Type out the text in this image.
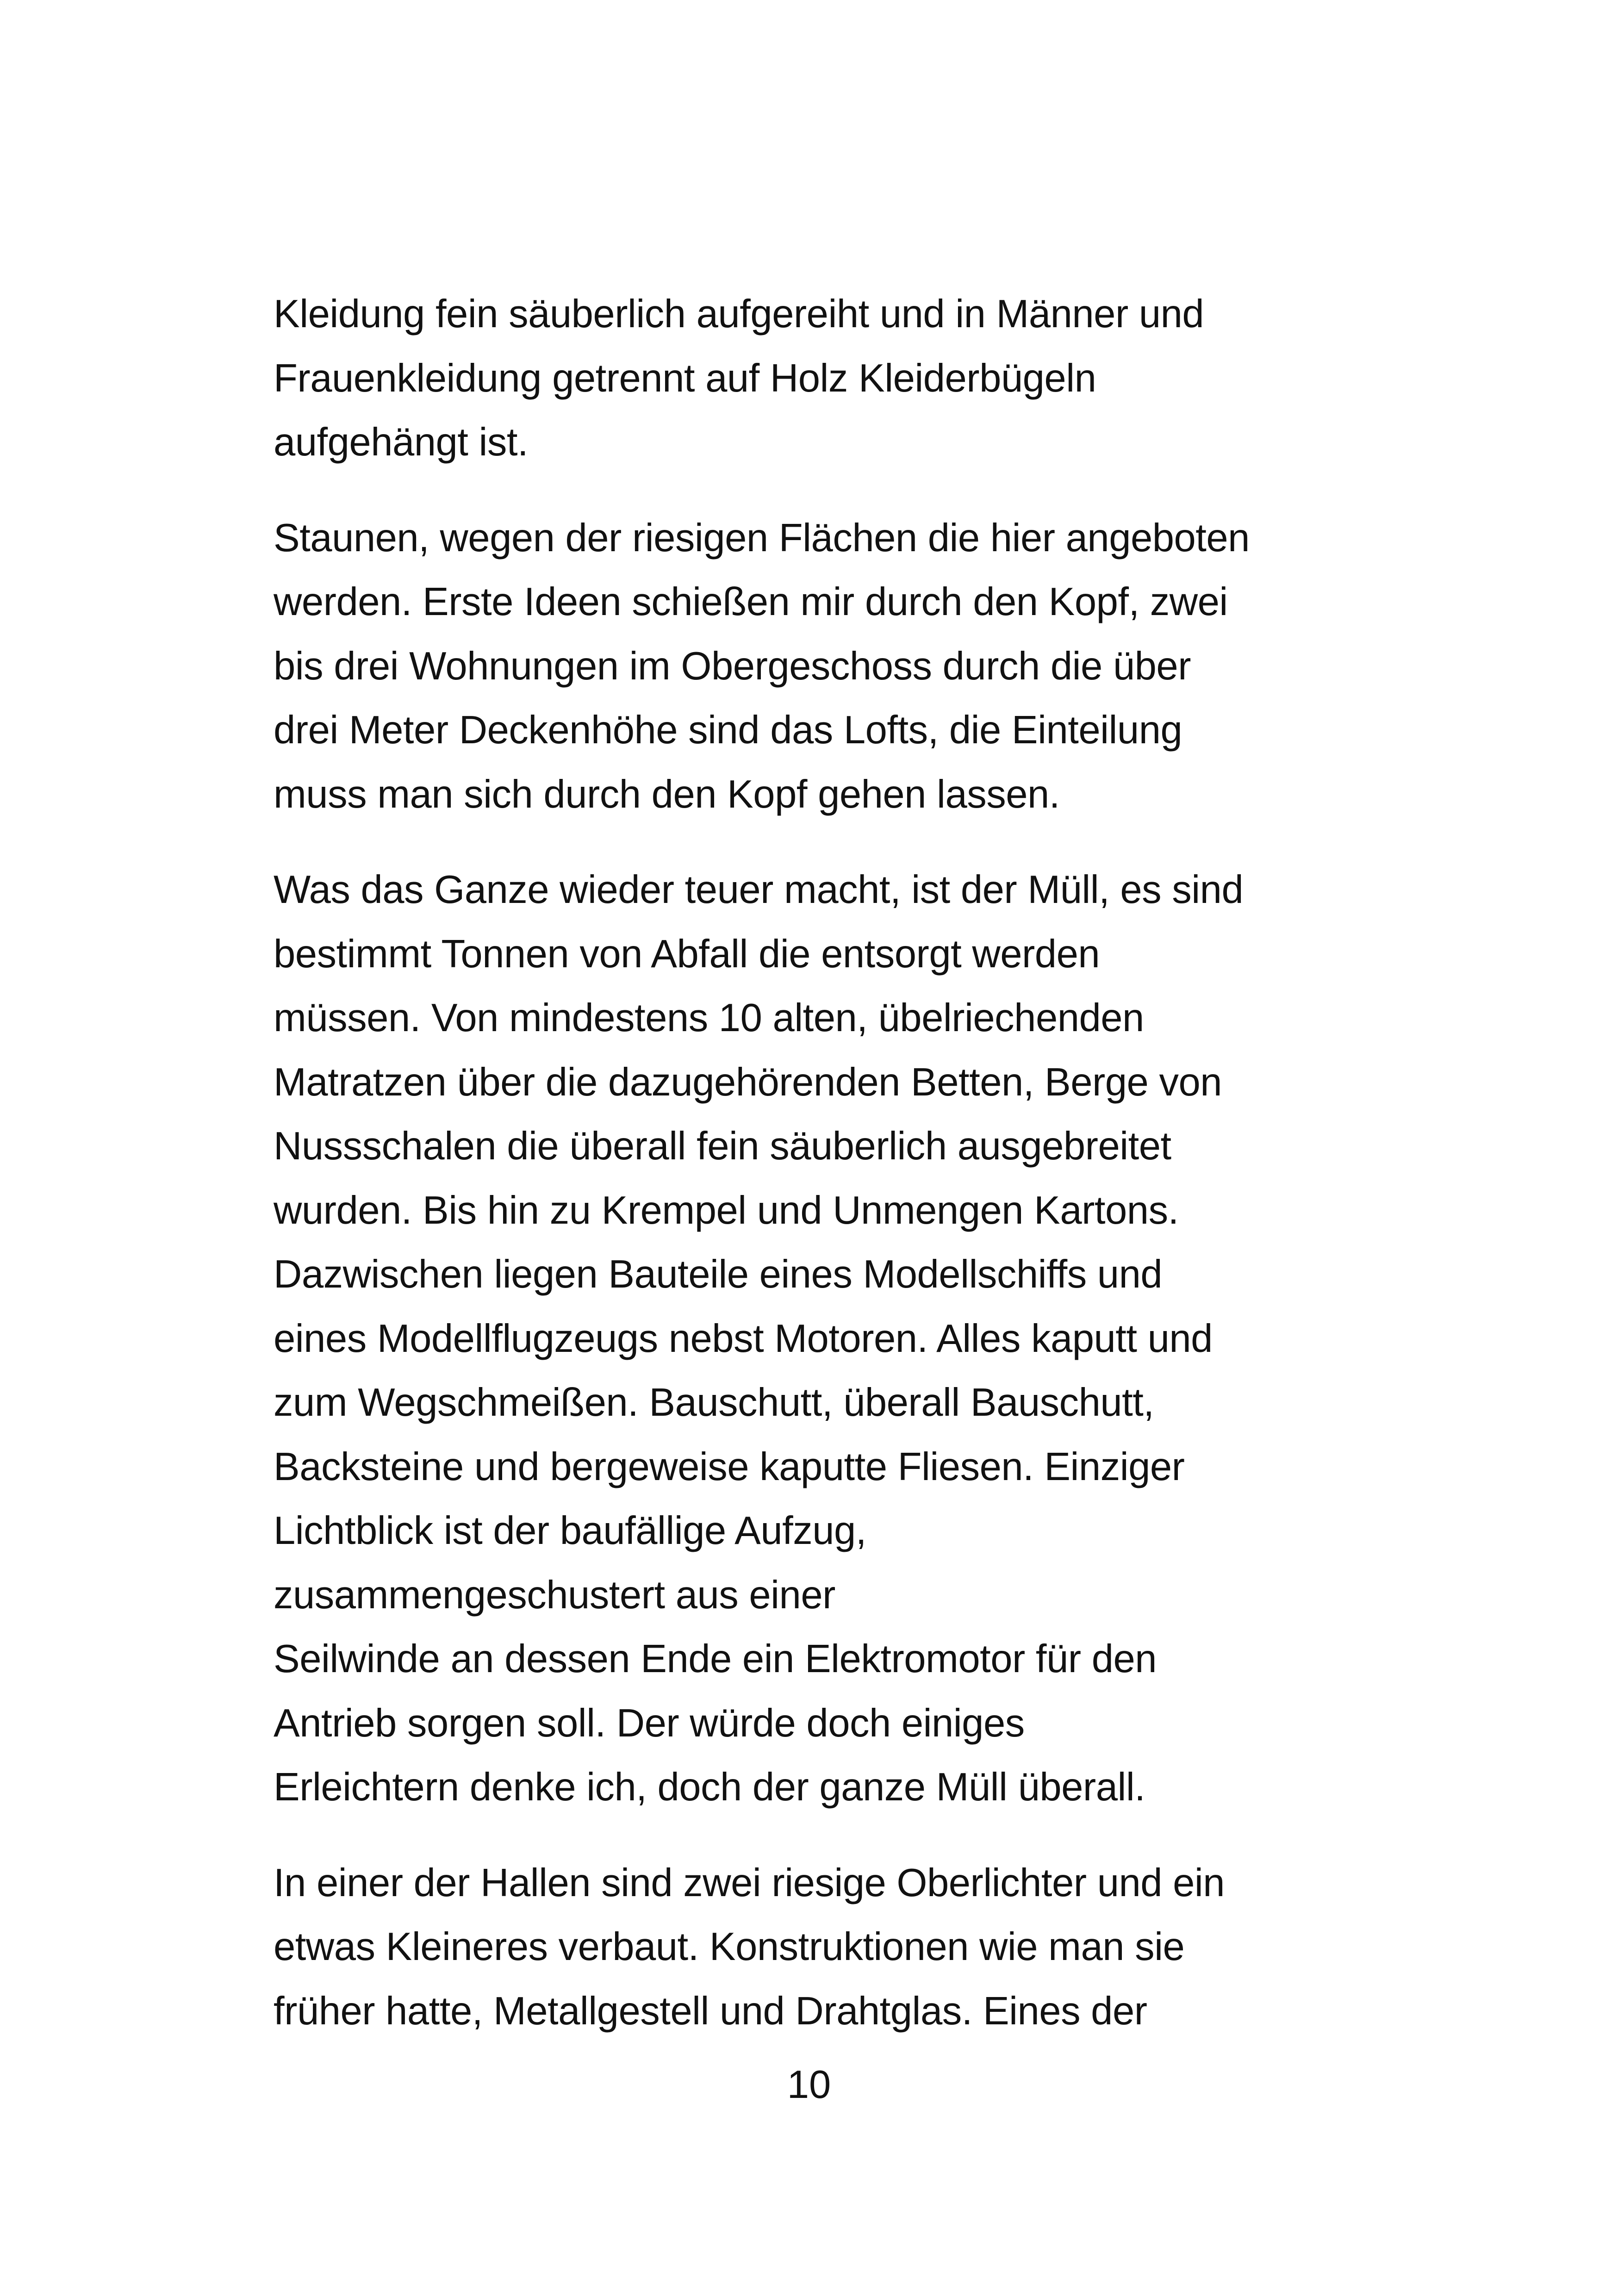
Kleidung fein säuberlich aufgereiht und in Männer und
Frauenkleidung getrennt auf Holz Kleiderbügeln
aufgehängt ist.

Staunen, wegen der riesigen Flächen die hier angeboten
werden. Erste Ideen schießen mir durch den Kopf, zwei
bis drei Wohnungen im Obergeschoss durch die über
drei Meter Deckenhöhe sind das Lofts, die Einteilung
muss man sich durch den Kopf gehen lassen.

Was das Ganze wieder teuer macht, ist der Müll, es sind
bestimmt Tonnen von Abfall die entsorgt werden
müssen. Von mindestens 10 alten, übelriechenden
Matratzen über die dazugehörenden Betten, Berge von
Nussschalen die überall fein säuberlich ausgebreitet
wurden. Bis hin zu Krempel und Unmengen Kartons.
Dazwischen liegen Bauteile eines Modellschiffs und
eines Modellflugzeugs nebst Motoren. Alles kaputt und
zum Wegschmeißen. Bauschutt, überall Bauschutt,
Backsteine und bergeweise kaputte Fliesen. Einziger
Lichtblick ist der baufällige Aufzug,
zusammengeschustert aus einer
Seilwinde an dessen Ende ein Elektromotor für den
Antrieb sorgen soll. Der würde doch einiges
Erleichtern denke ich, doch der ganze Müll überall.

In einer der Hallen sind zwei riesige Oberlichter und ein
etwas Kleineres verbaut. Konstruktionen wie man sie
früher hatte, Metallgestell und Drahtglas. Eines der

10
